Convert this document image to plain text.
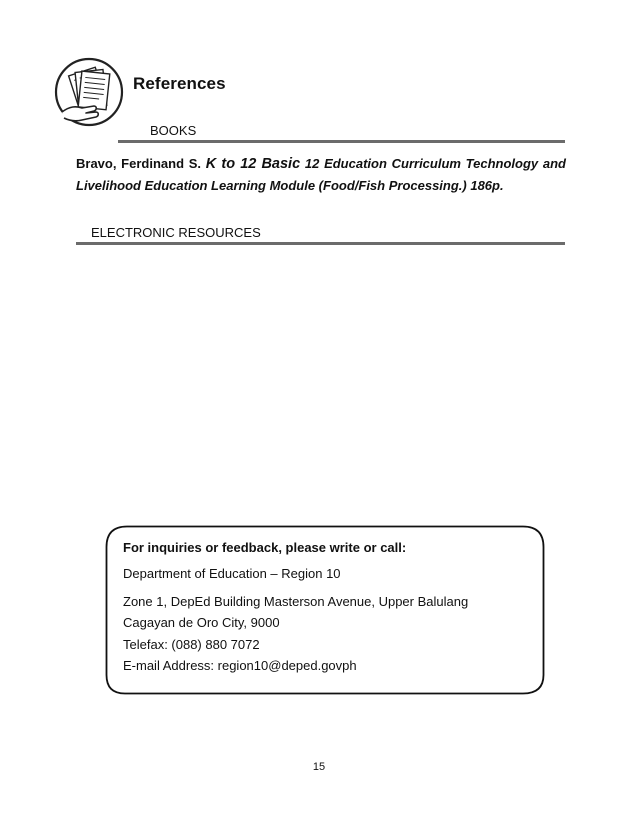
References
BOOKS
Bravo, Ferdinand S. K to 12 Basic 12 Education Curriculum Technology and Livelihood Education Learning Module (Food/Fish Processing.) 186p.
ELECTRONIC RESOURCES
For inquiries or feedback, please write or call:
Department of Education – Region 10
Zone 1, DepEd Building Masterson Avenue, Upper Balulang
Cagayan de Oro City, 9000
Telefax: (088) 880 7072
E-mail Address: region10@deped.govph
15
